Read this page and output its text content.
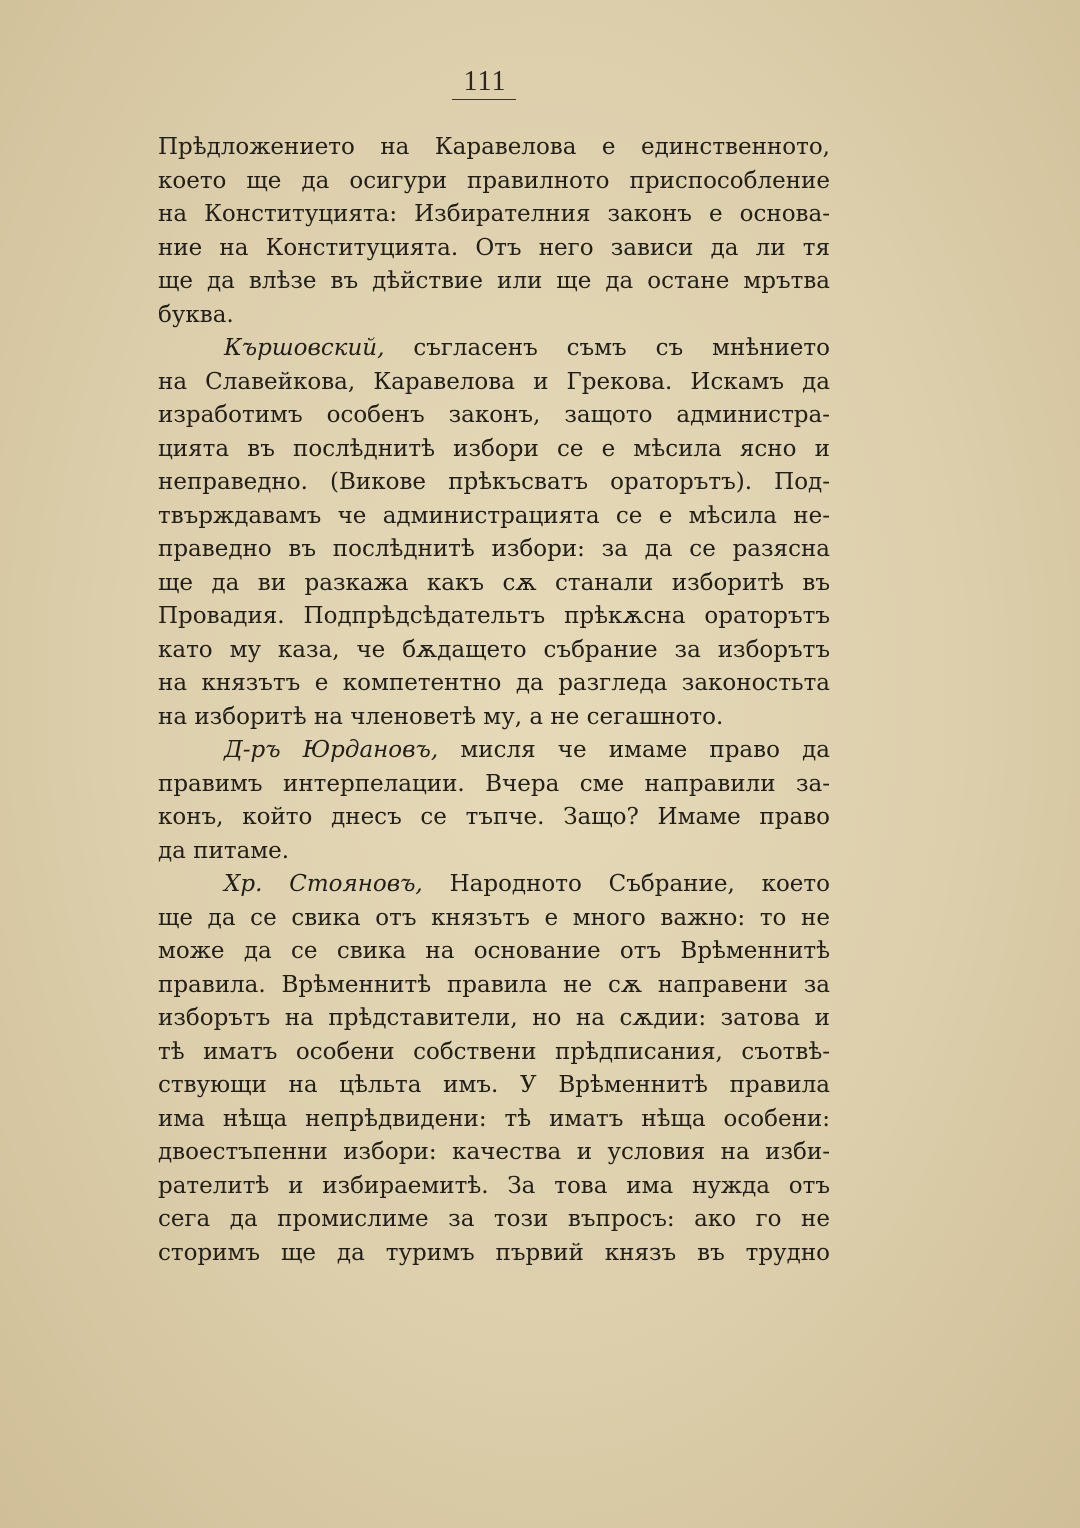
111
Прѣдложението на Каравелова е единственното,
което ще да осигури правилното приспособление
на Конституцията: Избирателния законъ е основа-
ние на Конституцията. Отъ него зависи да ли тя
ще да влѣзе въ дѣйствие или ще да остане мрътва
буква.
Кършовский, съгласенъ съмъ съ мнѣнието
на Славейкова, Каравелова и Грекова. Искамъ да
изработимъ особенъ законъ, защото администра-
цията въ послѣднитѣ избори се е мѣсила ясно и
неправедно. (Викове прѣкъсватъ ораторътъ). Под-
твърждавамъ че администрацията се е мѣсила не-
праведно въ послѣднитѣ избори: за да се разясна
ще да ви разкажа какъ сѫ станали изборитѣ въ
Провадия. Подпрѣдсѣдательтъ прѣкѫсна ораторътъ
като му каза, че бѫдащето събрание за изборътъ
на князътъ е компетентно да разгледа законостьта
на изборитѣ на членоветѣ му, а не сегашното.
Д-ръ Юрдановъ, мисля че имаме право да
правимъ интерпелации. Вчера сме направили за-
конъ, който днесъ се тъпче. Защо? Имаме право
да питаме.
Хр. Стояновъ, Народното Събрание, което
ще да се свика отъ князътъ е много важно: то не
може да се свика на основание отъ Врѣменнитѣ
правила. Врѣменнитѣ правила не сѫ направени за
изборътъ на прѣдставители, но на сѫдии: затова и
тѣ иматъ особени собствени прѣдписания, съотвѣ-
ствующи на цѣльта имъ. У Врѣменнитѣ правила
има нѣща непрѣдвидени: тѣ иматъ нѣща особени:
двоестъпенни избори: качества и условия на изби-
рателитѣ и избираемитѣ. За това има нужда отъ
сега да промислиме за този въпросъ: ако го не
сторимъ ще да туримъ първий князъ въ трудно
